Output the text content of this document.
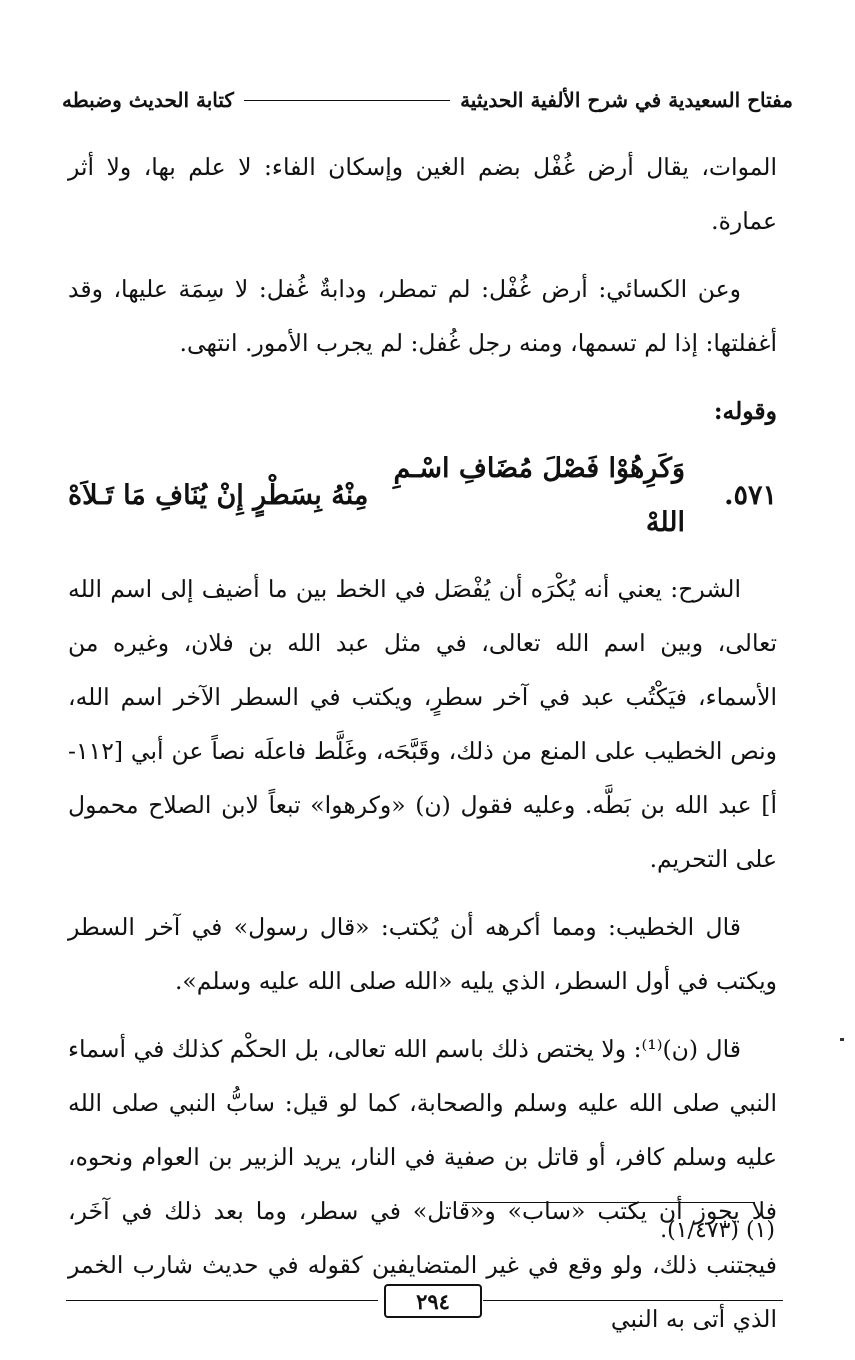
مفتاح السعيدية في شرح الألفية الحديثية
كتابة الحديث وضبطه

الموات، يقال أرض غُفْل بضم الغين وإسكان الفاء: لا علم بها، ولا أثر عمارة.

وعن الكسائي: أرض غُفْل: لم تمطر، ودابةٌ غُفل: لا سِمَة عليها، وقد أغفلتها: إذا لم تسمها، ومنه رجل غُفل: لم يجرب الأمور. انتهى.

وقوله:

٥٧١.
وَكَرِهُوْا فَصْلَ مُضَافِ اسْـمِ اللهْ
مِنْهُ بِسَطْرٍ إِنْ يُنَافِ مَا تَـلاَهْ

الشرح: يعني أنه يُكْرَه أن يُفْصَل في الخط بين ما أضيف إلى اسم الله تعالى، وبين اسم الله تعالى، في مثل عبد الله بن فلان، وغيره من الأسماء، فيَكْتُب عبد في آخر سطرٍ، ويكتب في السطر الآخر اسم الله، ونص الخطيب على المنع من ذلك، وقَبَّحَه، وغَلَّط فاعلَه نصاً عن أبي [١١٢-أ] عبد الله بن بَطَّه. وعليه فقول (ن) «وكرهوا» تبعاً لابن الصلاح محمول على التحريم.

قال الخطيب: ومما أكرهه أن يُكتب: «قال رسول» في آخر السطر ويكتب في أول السطر، الذي يليه «الله صلى الله عليه وسلم».

قال (ن)⁽¹⁾: ولا يختص ذلك باسم الله تعالى، بل الحكْم كذلك في أسماء النبي صلى الله عليه وسلم والصحابة، كما لو قيل: سابُّ النبي صلى الله عليه وسلم كافر، أو قاتل بن صفية في النار، يريد الزبير بن العوام ونحوه، فلا يجوز أن يكتب «ساب» و«قاتل» في سطر، وما بعد ذلك في آخَر، فيجتنب ذلك، ولو وقع في غير المتضايفين كقوله في حديث شارب الخمر الذي أتى به النبي

(١) (١/٤٧٣).
٢٩٤
